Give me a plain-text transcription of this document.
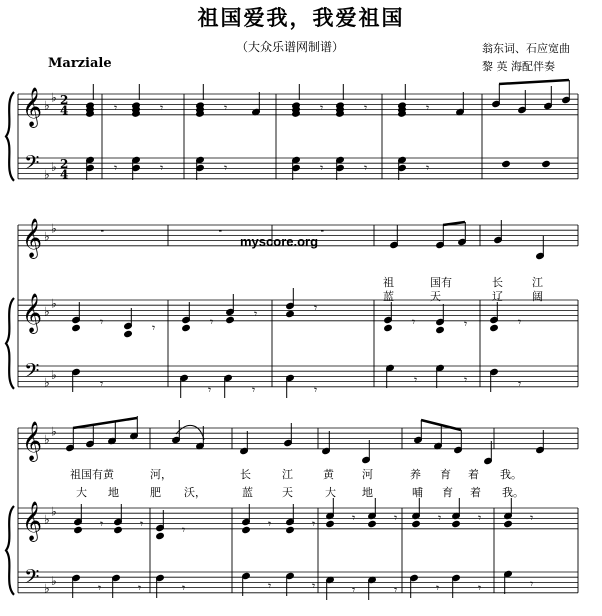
祖国爱我，我爱祖国
（大众乐谱网制谱）	翁东词、石应宽曲
黎 英 海配伴奏
Marziale
𝄞 ♭
♭ 2
4
𝄢 ♭
♭ 2
4
𝄞 ♭
♭
𝄞 ♭
♭
𝄢 ♭
♭
𝄞 ♭
♭
𝄞 ♭
♭
𝄢 ♭
♭
𝄾
𝄾
𝄾
𝄾
𝄾
𝄾
𝄾
𝄾
𝄾
𝄾
𝄾
𝄾
𝄻	𝄻	𝄻
𝄾	𝄾	𝄾
𝄾	𝄾
𝄾	𝄾	𝄾
𝄾	𝄾	𝄾	𝄾
𝄾	𝄾	𝄾
𝄾	𝄾	𝄾	𝄾	𝄾	𝄾	𝄾	𝄾	𝄾	𝄾
𝄾	𝄾	𝄾	𝄾	𝄾	𝄾	𝄾	𝄾	𝄾	𝄾
myscore.org
祖	国有	长	江
蓝	天	辽	阔
祖国有黄	河，	长	江	黄	河	养 育 着 我。
大 地	肥 沃，	蓝	天	大 地	哺 育 着 我。
